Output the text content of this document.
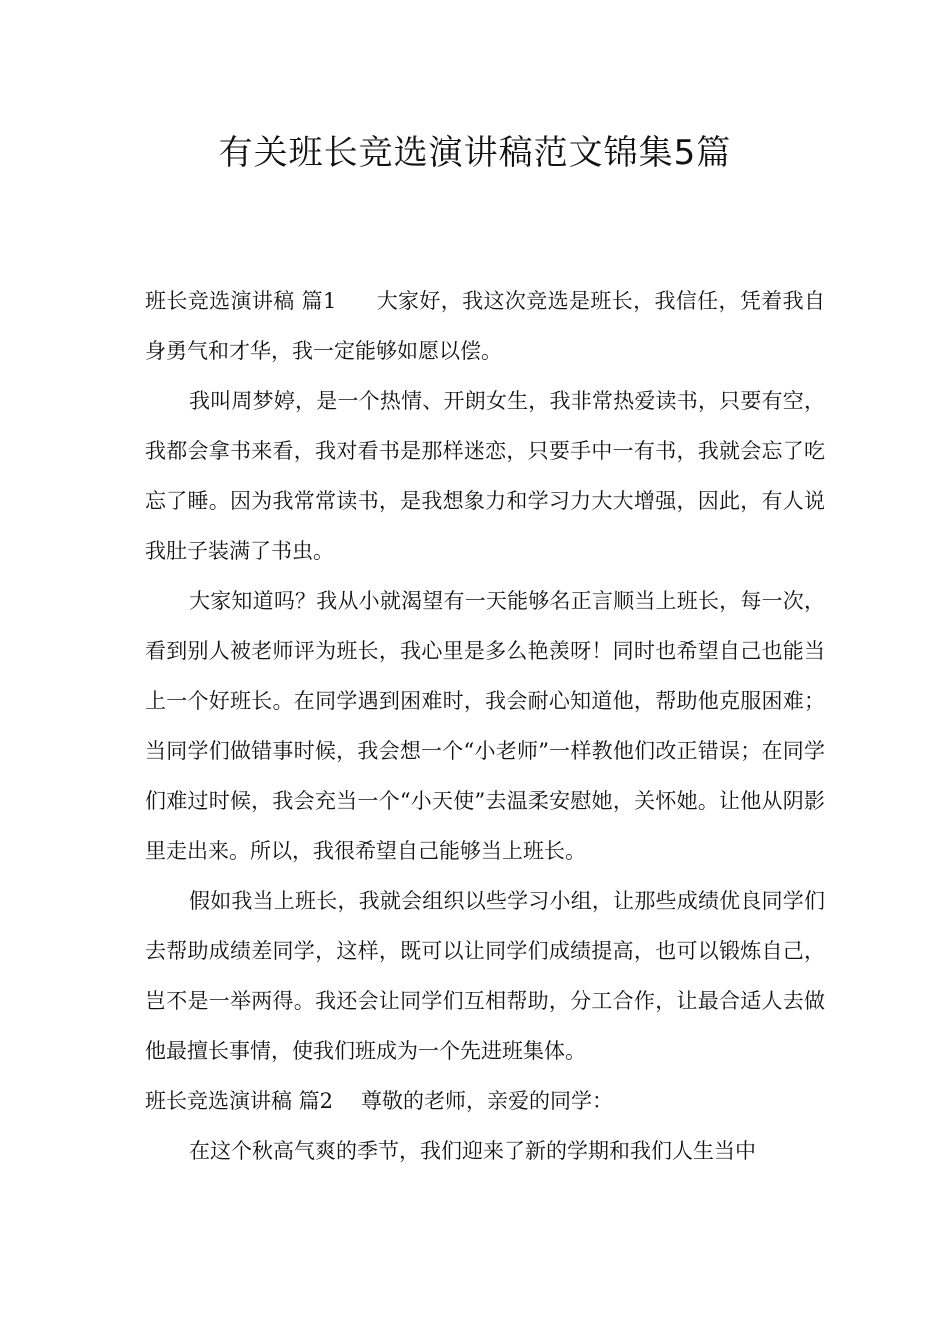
有关班长竞选演讲稿范文锦集5篇

班长竞选演讲稿 篇1 大家好，我这次竞选是班长，我信任，凭着我自身勇气和才华，我一定能够如愿以偿。

我叫周梦婷，是一个热情、开朗女生，我非常热爱读书，只要有空，我都会拿书来看，我对看书是那样迷恋，只要手中一有书，我就会忘了吃忘了睡。因为我常常读书，是我想象力和学习力大大增强，因此，有人说我肚子装满了书虫。

大家知道吗？我从小就渴望有一天能够名正言顺当上班长，每一次，看到别人被老师评为班长，我心里是多么艳羡呀！同时也希望自己也能当上一个好班长。在同学遇到困难时，我会耐心知道他，帮助他克服困难；当同学们做错事时候，我会想一个“小老师”一样教他们改正错误；在同学们难过时候，我会充当一个“小天使”去温柔安慰她，关怀她。让他从阴影里走出来。所以，我很希望自己能够当上班长。

假如我当上班长，我就会组织以些学习小组，让那些成绩优良同学们去帮助成绩差同学，这样，既可以让同学们成绩提高，也可以锻炼自己，岂不是一举两得。我还会让同学们互相帮助，分工合作，让最合适人去做他最擅长事情，使我们班成为一个先进班集体。

班长竞选演讲稿 篇2 尊敬的老师，亲爱的同学：

在这个秋高气爽的季节，我们迎来了新的学期和我们人生当中
